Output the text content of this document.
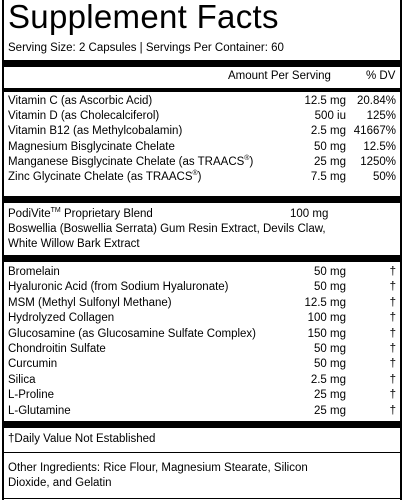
Supplement Facts
Serving Size: 2 Capsules | Servings Per Container: 60
Amount Per Serving	% DV
Vitamin C (as Ascorbic Acid)	12.5 mg 20.84%
Vitamin D (as Cholecalciferol)	500 iu 125%
Vitamin B12 (as Methylcobalamin)	2.5 mg 41667%
Magnesium Bisglycinate Chelate	50 mg 12.5%
Manganese Bisglycinate Chelate (as TRAACS®)	25 mg 1250%
Zinc Glycinate Chelate (as TRAACS®)	7.5 mg 50%
PodiVite™ Proprietary Blend	100 mg
Boswellia (Boswellia Serrata) Gum Resin Extract, Devils Claw,
White Willow Bark Extract
Bromelain	50 mg	†
Hyaluronic Acid (from Sodium Hyaluronate)	50 mg	†
MSM (Methyl Sulfonyl Methane)	12.5 mg	†
Hydrolyzed Collagen	100 mg	†
Glucosamine (as Glucosamine Sulfate Complex)	150 mg	†
Chondroitin Sulfate	50 mg	†
Curcumin	50 mg	†
Silica	2.5 mg	†
L-Proline	25 mg	†
L-Glutamine	25 mg	†
†Daily Value Not Established
Other Ingredients: Rice Flour, Magnesium Stearate, Silicon
Dioxide, and Gelatin
